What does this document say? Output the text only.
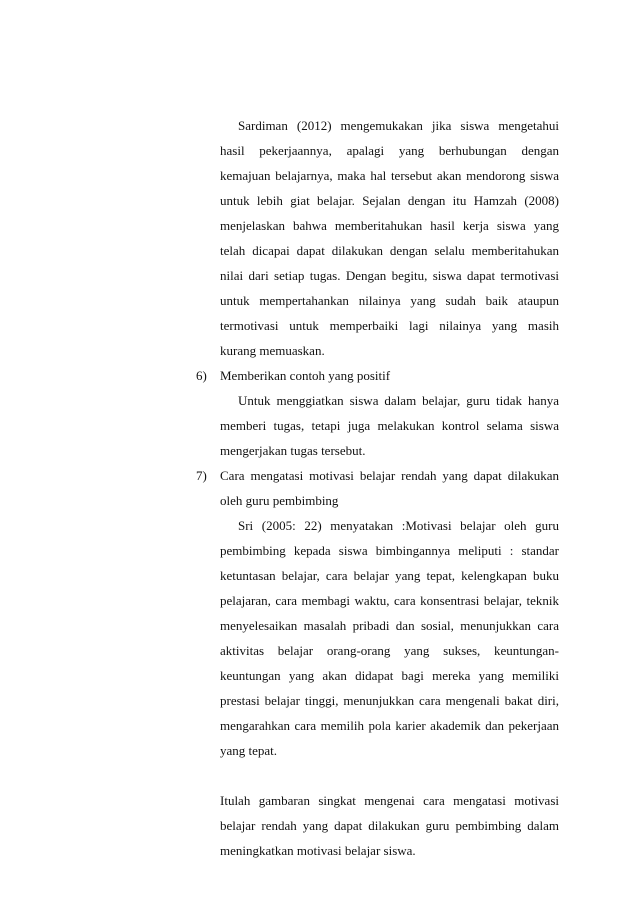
Sardiman (2012) mengemukakan jika siswa mengetahui
hasil pekerjaannya, apalagi yang berhubungan dengan
kemajuan belajarnya, maka hal tersebut akan mendorong siswa
untuk lebih giat belajar. Sejalan dengan itu Hamzah (2008)
menjelaskan bahwa memberitahukan hasil kerja siswa yang
telah dicapai dapat dilakukan dengan selalu memberitahukan
nilai dari setiap tugas. Dengan begitu, siswa dapat termotivasi
untuk mempertahankan nilainya yang sudah baik ataupun
termotivasi untuk memperbaiki lagi nilainya yang masih
kurang memuaskan.
6)	Memberikan contoh yang positif
Untuk menggiatkan siswa dalam belajar, guru tidak hanya
memberi tugas, tetapi juga melakukan kontrol selama siswa
mengerjakan tugas tersebut.
7)	Cara mengatasi motivasi belajar rendah yang dapat dilakukan
oleh guru pembimbing
Sri (2005: 22) menyatakan :Motivasi belajar oleh guru
pembimbing kepada siswa bimbingannya meliputi : standar
ketuntasan belajar, cara belajar yang tepat, kelengkapan buku
pelajaran, cara membagi waktu, cara konsentrasi belajar, teknik
menyelesaikan masalah pribadi dan sosial, menunjukkan cara
aktivitas belajar orang-orang yang sukses, keuntungan-
keuntungan yang akan didapat bagi mereka yang memiliki
prestasi belajar tinggi, menunjukkan cara mengenali bakat diri,
mengarahkan cara memilih pola karier akademik dan pekerjaan
yang tepat.
Itulah gambaran singkat mengenai cara mengatasi motivasi
belajar rendah yang dapat dilakukan guru pembimbing dalam
meningkatkan motivasi belajar siswa.
